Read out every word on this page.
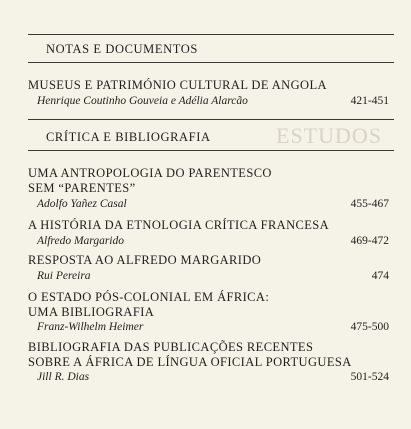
NOTAS E DOCUMENTOS
MUSEUS E PATRIMÓNIO CULTURAL DE ANGOLA
Henrique Coutinho Gouveia e Adélia Alarcão	421-451
ESTUDOS
CRÍTICA E BIBLIOGRAFIA
UMA ANTROPOLOGIA DO PARENTESCO
SEM “PARENTES”
Adolfo Yañez Casal	455-467
A HISTÓRIA DA ETNOLOGIA CRÍTICA FRANCESA
Alfredo Margarido	469-472
RESPOSTA AO ALFREDO MARGARIDO
Rui Pereira	474
O ESTADO PÓS-COLONIAL EM ÁFRICA:
UMA BIBLIOGRAFIA
Franz-Wilhelm Heimer	475-500
BIBLIOGRAFIA DAS PUBLICAÇÕES RECENTES
SOBRE A ÁFRICA DE LÍNGUA OFICIAL PORTUGUESA
Jill R. Dias	501-524
